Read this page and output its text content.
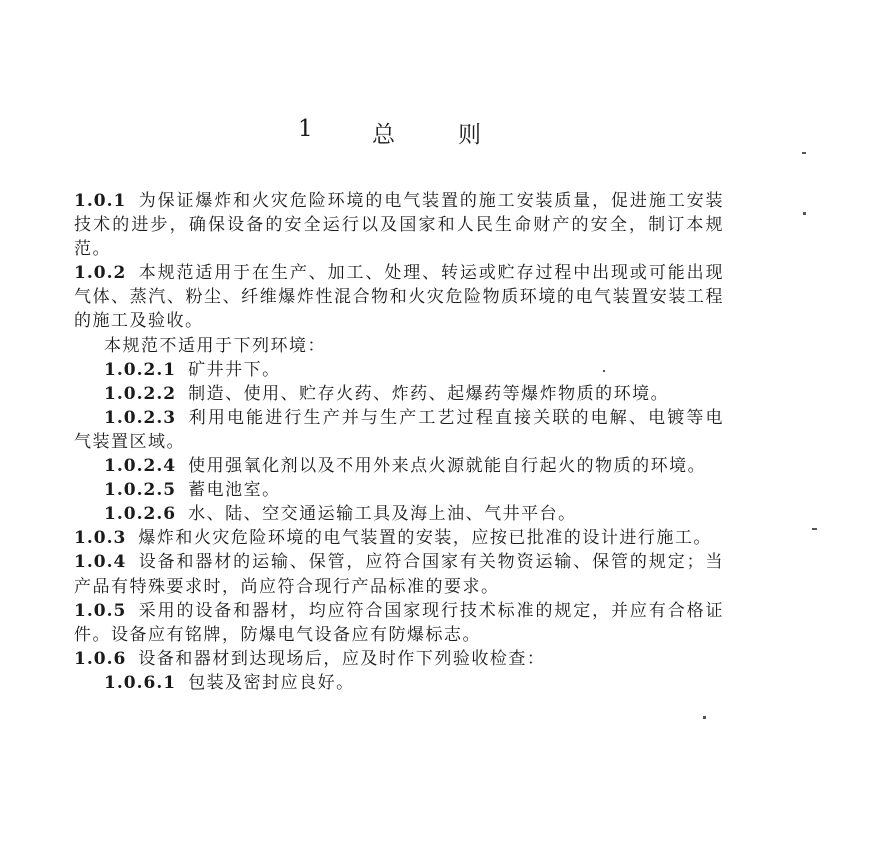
1	总	则

1.0.1 为保证爆炸和火灾危险环境的电气装置的施工安装质量，促进施工安装技术的进步，确保设备的安全运行以及国家和人民生命财产的安全，制订本规范。

1.0.2 本规范适用于在生产、加工、处理、转运或贮存过程中出现或可能出现气体、蒸汽、粉尘、纤维爆炸性混合物和火灾危险物质环境的电气装置安装工程的施工及验收。

本规范不适用于下列环境：

1.0.2.1 矿井井下。

1.0.2.2 制造、使用、贮存火药、炸药、起爆药等爆炸物质的环境。

1.0.2.3 利用电能进行生产并与生产工艺过程直接关联的电解、电镀等电气装置区域。

1.0.2.4 使用强氧化剂以及不用外来点火源就能自行起火的物质的环境。

1.0.2.5 蓄电池室。

1.0.2.6 水、陆、空交通运输工具及海上油、气井平台。

1.0.3 爆炸和火灾危险环境的电气装置的安装，应按已批准的设计进行施工。

1.0.4 设备和器材的运输、保管，应符合国家有关物资运输、保管的规定；当产品有特殊要求时，尚应符合现行产品标准的要求。

1.0.5 采用的设备和器材，均应符合国家现行技术标准的规定，并应有合格证件。设备应有铭牌，防爆电气设备应有防爆标志。

1.0.6 设备和器材到达现场后，应及时作下列验收检查：

1.0.6.1 包装及密封应良好。
